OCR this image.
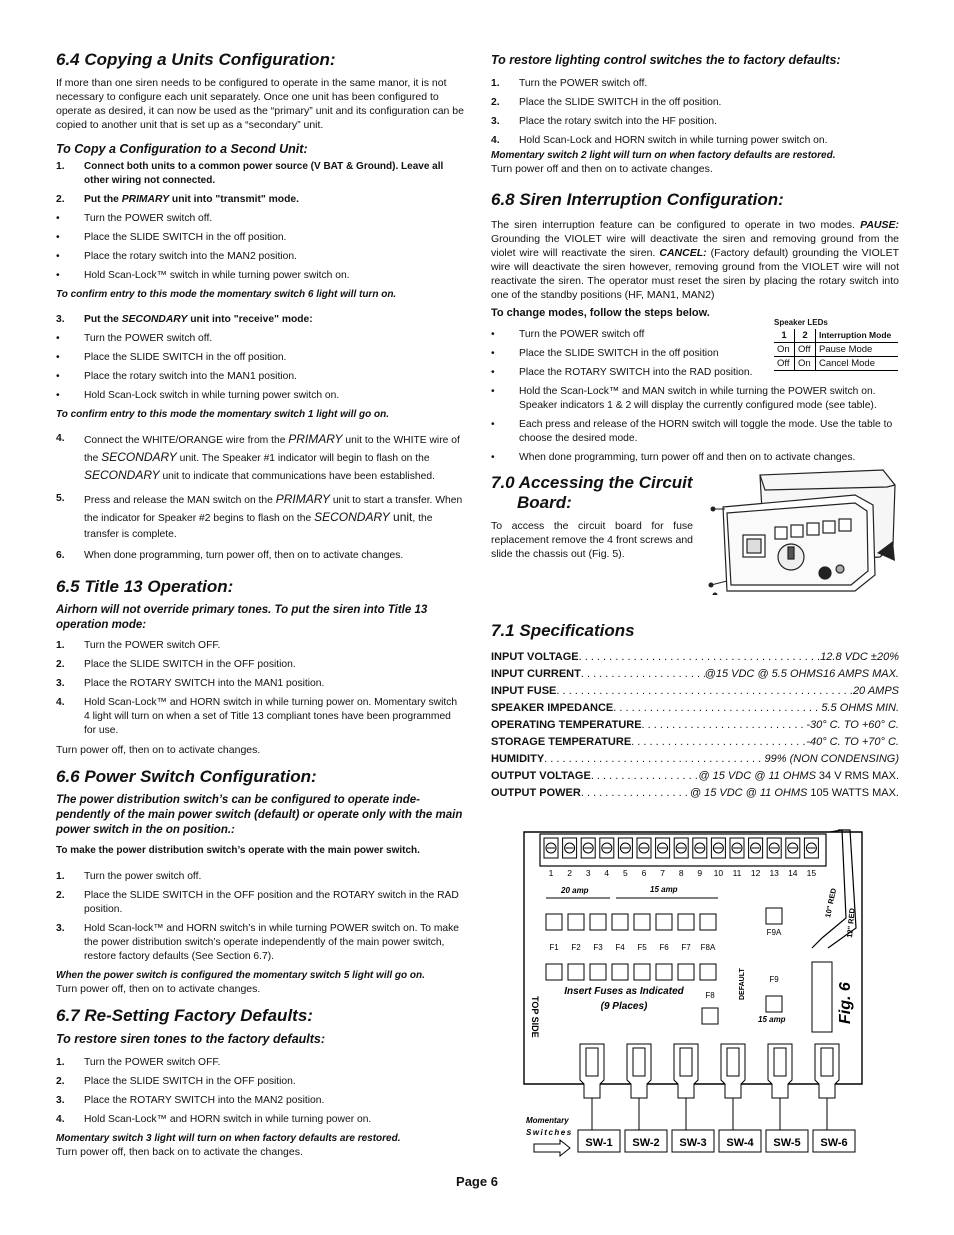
6.4 Copying a Units Configuration:

If more than one siren needs to be configured to operate in the same manor, it is not necessary to configure each unit separately. Once one unit has been configured to operate as desired, it can now be used as the “primary” unit and its configuration can be copied to another unit that is set up as a “secondary” unit.

To Copy a Configuration to a Second Unit:
1.	Connect both units to a common power source (V BAT & Ground). Leave all other wiring not connected.
2.	Put the PRIMARY unit into "transmit" mode.
•	Turn the POWER switch off.
•	Place the SLIDE SWITCH in the off position.
•	Place the rotary switch into the MAN2 position.
•	Hold Scan-Lock™ switch in while turning power switch on.

To confirm entry to this mode the momentary switch 6 light will turn on.

3.	Put the SECONDARY unit into "receive" mode:
•	Turn the POWER switch off.
•	Place the SLIDE SWITCH in the off position.
•	Place the rotary switch into the MAN1 position.
•	Hold Scan-Lock switch in while turning power switch on.

To confirm entry to this mode the momentary switch 1 light will go on.

4.	Connect the WHITE/ORANGE wire from the PRIMARY unit to the WHITE wire of the SECONDARY unit. The Speaker #1 indicator will begin to flash on the SECONDARY unit to indicate that communications have been established.
5.	Press and release the MAN switch on the PRIMARY unit to start a transfer. When the indicator for Speaker #2 begins to flash on the SECONDARY unit, the transfer is complete.
6.	When done programming, turn power off, then on to activate changes.
6.5 Title 13 Operation:

Airhorn will not override primary tones. To put the siren into Title 13 operation mode:

1.	Turn the POWER switch OFF.
2.	Place the SLIDE SWITCH in the OFF position.
3.	Place the ROTARY SWITCH into the MAN1 position.
4.	Hold Scan-Lock™ and HORN switch in while turning power on. Momentary switch 4 light will turn on when a set of Title 13 compliant tones have been programmed for use.

Turn power off, then on to activate changes.

6.6 Power Switch Configuration:

The power distribution switch’s can be configured to operate inde-pendently of the main power switch (default) or operate only with the main power switch in the on position.:

To make the power distribution switch’s operate with the main power switch.

1.	Turn the power switch off.
2.	Place the SLIDE SWITCH in the OFF position and the ROTARY switch in the RAD position.
3.	Hold Scan-lock™ and HORN switch’s in while turning POWER switch on. To make the power distribution switch’s operate independently of the main power switch, restore factory defaults (See Section 6.7).

When the power switch is configured the momentary switch 5 light will go on.

Turn power off, then on to activate changes.

6.7 Re-Setting Factory Defaults:
To restore siren tones to the factory defaults:
1.	Turn the POWER switch OFF.
2.	Place the SLIDE SWITCH in the OFF position.
3.	Place the ROTARY SWITCH into the MAN2 position.
4.	Hold Scan-Lock™ and HORN switch in while turning power on.

Momentary switch 3 light will turn on when factory defaults are restored.

Turn power off, then back on to activate the changes.

To restore lighting control switches the to factory defaults:
1.	Turn the POWER switch off.
2.	Place the SLIDE SWITCH in the off position.
3.	Place the rotary switch into the HF position.
4.	Hold Scan-Lock and HORN switch in while turning power switch on.

Momentary switch 2 light will turn on when factory defaults are restored.

Turn power off and then on to activate changes.

6.8 Siren Interruption Configuration:

The siren interruption feature can be configured to operate in two modes. PAUSE: Grounding the VIOLET wire will deactivate the siren and removing ground from the violet wire will reactivate the siren. CANCEL: (Factory default) grounding the VIOLET wire will deactivate the siren however, removing ground from the VIOLET wire will not reactivate the siren. The operator must reset the siren by placing the rotary switch into one of the standby positions (HF, MAN1, MAN2)

To change modes, follow the steps below.

•	Turn the POWER switch off
•	Place the SLIDE SWITCH in the off position
•	Place the ROTARY SWITCH into the RAD position.
•	Hold the Scan-Lock™ and MAN switch in while turning the POWER switch on. Speaker indicators 1 & 2 will display the currently configured mode (see table).
•	Each press and release of the HORN switch will toggle the mode. Use the table to choose the desired mode.
•	When done programming, turn power off and then on to activate changes.
Speaker LEDs
1	2	Interruption Mode
On	Off	Pause Mode
Off	On	Cancel Mode
7.0 Accessing the Circuit
Board:

To access the circuit board for fuse replacement remove the 4 front screws and slide the chassis out (Fig. 5).

7.1 Specifications
INPUT VOLTAGE . . .	12.8 VDC ±20%
INPUT CURRENT . . .	@15 VDC @ 5.5 OHMS 16 AMPS MAX.
INPUT FUSE . . .	20 AMPS
SPEAKER IMPEDANCE . . .	5.5 OHMS MIN.
OPERATING TEMPERATURE . . .	-30° C. TO +60° C.
STORAGE TEMPERATURE . . .	-40° C. TO +70° C.
HUMIDITY . . .	99% (NON CONDENSING)
OUTPUT VOLTAGE . . .	@ 15 VDC @ 11 OHMS 34 V RMS MAX.
OUTPUT POWER . . .	@ 15 VDC @ 11 OHMS 105 WATTS MAX.
1 2 3 4 5 6 7 8 9 10 11 12 13 14 15
10" RED
12" RED
20 amp	15 amp
F1 F2 F3 F4 F5 F6 F7 F8A
F9A
F9
F8	DEFAULT
15 amp
Insert Fuses as Indicated
(9 Places)
TOP SIDE	Fig. 6
SW-1 SW-2 SW-3 SW-4 SW-5 SW-6
Momentary
Switches
Page 6
